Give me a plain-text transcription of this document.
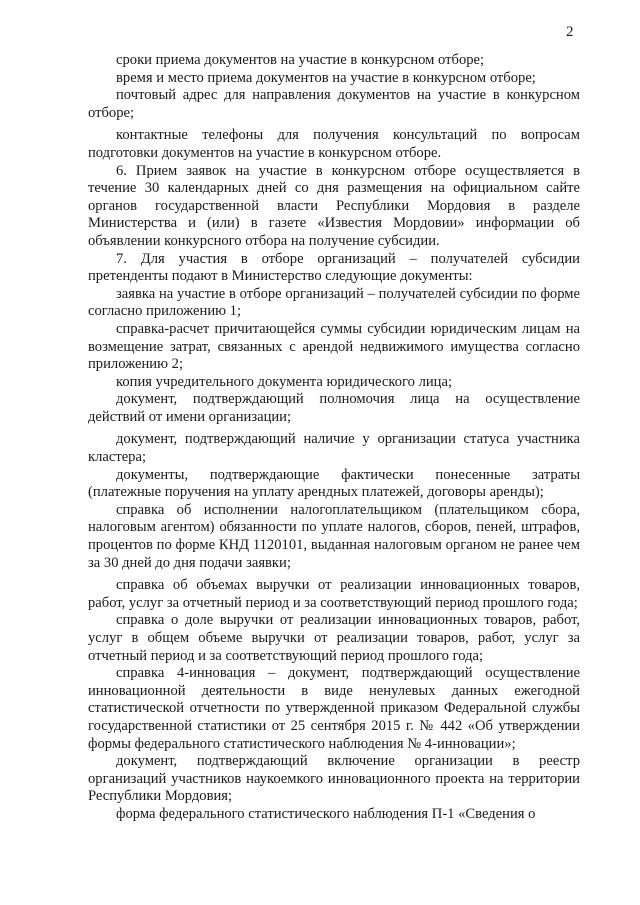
2

сроки приема документов на участие в конкурсном отборе;

время и место приема документов на участие в конкурсном отборе;

почтовый адрес для направления документов на участие в конкурсном отборе;

контактные телефоны для получения консультаций по вопросам подготовки документов на участие в конкурсном отборе.

6. Прием заявок на участие в конкурсном отборе осуществляется в течение 30 календарных дней со дня размещения на официальном сайте органов государственной власти Республики Мордовия в разделе Министерства и (или) в газете «Известия Мордовии» информации об объявлении конкурсного отбора на получение субсидии.

7. Для участия в отборе организаций – получателей субсидии претенденты подают в Министерство следующие документы:

заявка на участие в отборе организаций – получателей субсидии по форме согласно приложению 1;

справка-расчет причитающейся суммы субсидии юридическим лицам на возмещение затрат, связанных с арендой недвижимого имущества согласно приложению 2;

копия учредительного документа юридического лица;

документ, подтверждающий полномочия лица на осуществление действий от имени организации;

документ, подтверждающий наличие у организации статуса участника кластера;

документы, подтверждающие фактически понесенные затраты (платежные поручения на уплату арендных платежей, договоры аренды);

справка об исполнении налогоплательщиком (плательщиком сбора, налоговым агентом) обязанности по уплате налогов, сборов, пеней, штрафов, процентов по форме КНД 1120101, выданная налоговым органом не ранее чем за 30 дней до дня подачи заявки;

справка об объемах выручки от реализации инновационных товаров, работ, услуг за отчетный период и за соответствующий период прошлого года;

справка о доле выручки от реализации инновационных товаров, работ, услуг в общем объеме выручки от реализации товаров, работ, услуг за отчетный период и за соответствующий период прошлого года;

справка 4-инновация – документ, подтверждающий осуществление инновационной деятельности в виде ненулевых данных ежегодной статистической отчетности по утвержденной приказом Федеральной службы государственной статистики от 25 сентября 2015 г. № 442 «Об утверждении формы федерального статистического наблюдения № 4-инновации»;

документ, подтверждающий включение организации в реестр организаций участников наукоемкого инновационного проекта на территории Республики Мордовия;

форма федерального статистического наблюдения П-1 «Сведения о
